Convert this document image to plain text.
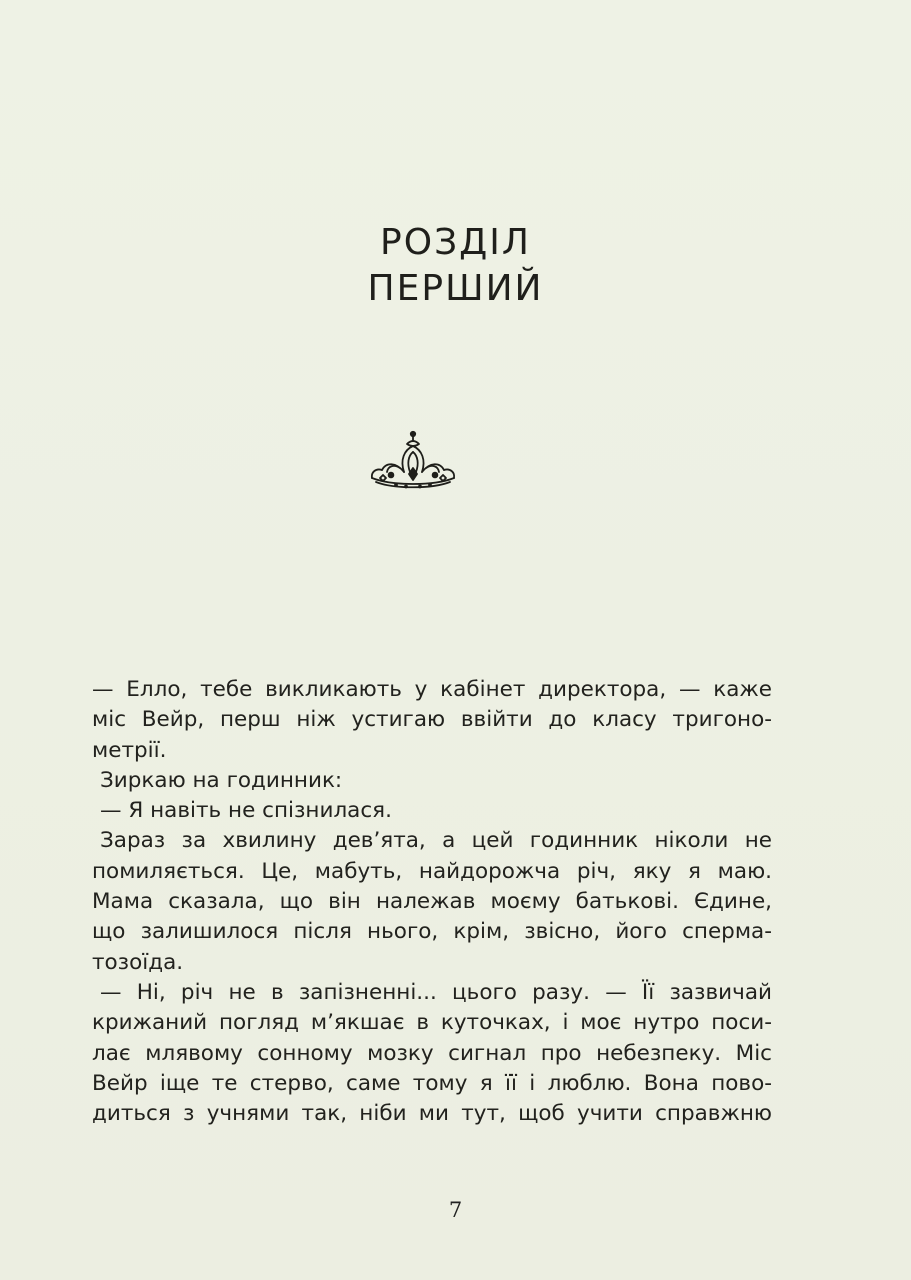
РОЗДІЛ
ПЕРШИЙ
— Елло, тебе викликають у кабінет директора, — каже
міс Вейр, перш ніж устигаю ввійти до класу тригоно-
метрії.
Зиркаю на годинник:
— Я навіть не спізнилася.
Зараз за хвилину дев’ята, а цей годинник ніколи не
помиляється. Це, мабуть, найдорожча річ, яку я маю.
Мама сказала, що він належав моєму батькові. Єдине,
що залишилося після нього, крім, звісно, його сперма-
тозоїда.
— Ні, річ не в запізненні... цього разу. — Її зазвичай
крижаний погляд м’якшає в куточках, і моє нутро поси-
лає млявому сонному мозку сигнал про небезпеку. Міс
Вейр іще те стерво, саме тому я її і люблю. Вона пово-
диться з учнями так, ніби ми тут, щоб учити справжню
7
